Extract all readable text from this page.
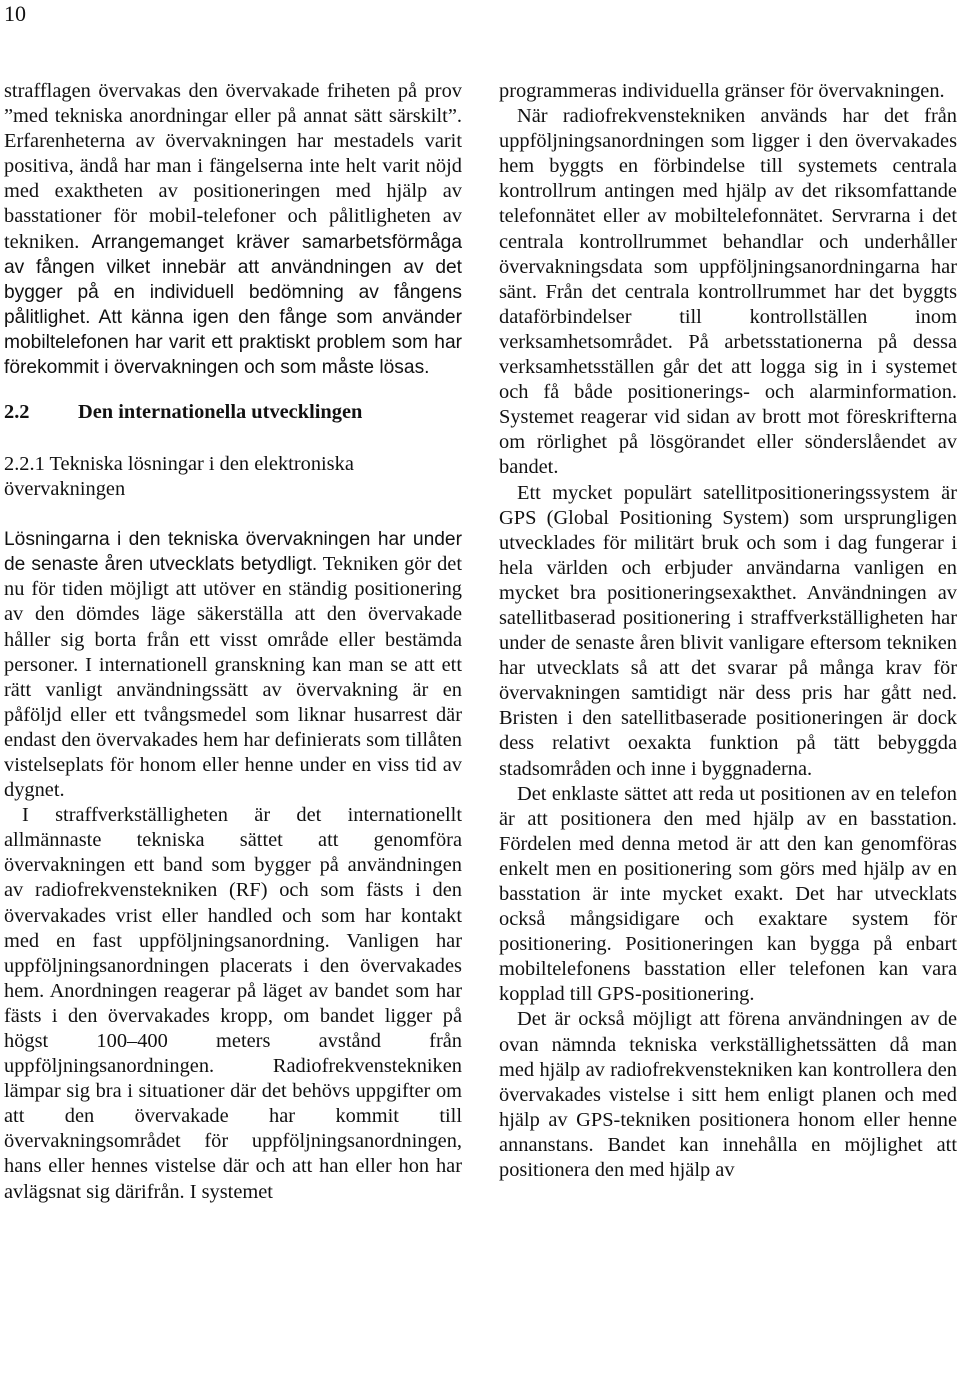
10

strafflagen övervakas den övervakade friheten på prov ”med tekniska anordningar eller på annat sätt särskilt”. Erfarenheterna av övervakningen har mestadels varit positiva, ändå har man i fängelserna inte helt varit nöjd med exaktheten av positioneringen med hjälp av basstationer för mobil-telefoner och pålitligheten av tekniken. Arrangemanget kräver samarbetsförmåga av fången vilket innebär att användningen av det bygger på en individuell bedömning av fångens pålitlighet. Att känna igen den fånge som använder mobiltelefonen har varit ett praktiskt problem som har förekommit i övervakningen och som måste lösas.

2.2 Den internationella utvecklingen
2.2.1 Tekniska lösningar i den elektroniska övervakningen

Lösningarna i den tekniska övervakningen har under de senaste åren utvecklats betydligt. Tekniken gör det nu för tiden möjligt att utöver en ständig positionering av den dömdes läge säkerställa att den övervakade håller sig borta från ett visst område eller bestämda personer. I internationell granskning kan man se att ett rätt vanligt användningssätt av övervakning är en påföljd eller ett tvångsmedel som liknar husarrest där endast den övervakades hem har definierats som tillåten vistelseplats för honom eller henne under en viss tid av dygnet.

I straffverkställigheten är det internationellt allmännaste tekniska sättet att genomföra övervakningen ett band som bygger på användningen av radiofrekvenstekniken (RF) och som fästs i den övervakades vrist eller handled och som har kontakt med en fast uppföljningsanordning. Vanligen har uppföljningsanordningen placerats i den övervakades hem. Anordningen reagerar på läget av bandet som har fästs i den övervakades kropp, om bandet ligger på högst 100–400 meters avstånd från uppföljningsanordningen. Radiofrekvenstekniken lämpar sig bra i situationer där det behövs uppgifter om att den övervakade har kommit till övervakningsområdet för uppföljningsanordningen, hans eller hennes vistelse där och att han eller hon har avlägsnat sig därifrån. I systemet

programmeras individuella gränser för övervakningen.

När radiofrekvenstekniken används har det från uppföljningsanordningen som ligger i den övervakades hem byggts en förbindelse till systemets centrala kontrollrum antingen med hjälp av det riksomfattande telefonnätet eller av mobiltelefonnätet. Servrarna i det centrala kontrollrummet behandlar och underhåller övervakningsdata som uppföljningsanordningarna har sänt. Från det centrala kontrollrummet har det byggts dataförbindelser till kontrollställen inom verksamhetsområdet. På arbetsstationerna på dessa verksamhetsställen går det att logga sig in i systemet och få både positionerings- och alarminformation. Systemet reagerar vid sidan av brott mot föreskrifterna om rörlighet på lösgörandet eller sönderslåendet av bandet.

Ett mycket populärt satellitpositioneringssystem är GPS (Global Positioning System) som ursprungligen utvecklades för militärt bruk och som i dag fungerar i hela världen och erbjuder användarna vanligen en mycket bra positioneringsexakthet. Användningen av satellitbaserad positionering i straffverkställigheten har under de senaste åren blivit vanligare eftersom tekniken har utvecklats så att det svarar på många krav för övervakningen samtidigt när dess pris har gått ned. Bristen i den satellitbaserade positioneringen är dock dess relativt oexakta funktion på tätt bebyggda stadsområden och inne i byggnaderna.

Det enklaste sättet att reda ut positionen av en telefon är att positionera den med hjälp av en basstation. Fördelen med denna metod är att den kan genomföras enkelt men en positionering som görs med hjälp av en basstation är inte mycket exakt. Det har utvecklats också mångsidigare och exaktare system för positionering. Positioneringen kan bygga på enbart mobiltelefonens basstation eller telefonen kan vara kopplad till GPS-positionering.

Det är också möjligt att förena användningen av de ovan nämnda tekniska verkställighetssätten då man med hjälp av radiofrekvenstekniken kan kontrollera den övervakades vistelse i sitt hem enligt planen och med hjälp av GPS-tekniken positionera honom eller henne annanstans. Bandet kan innehålla en möjlighet att positionera den med hjälp av
